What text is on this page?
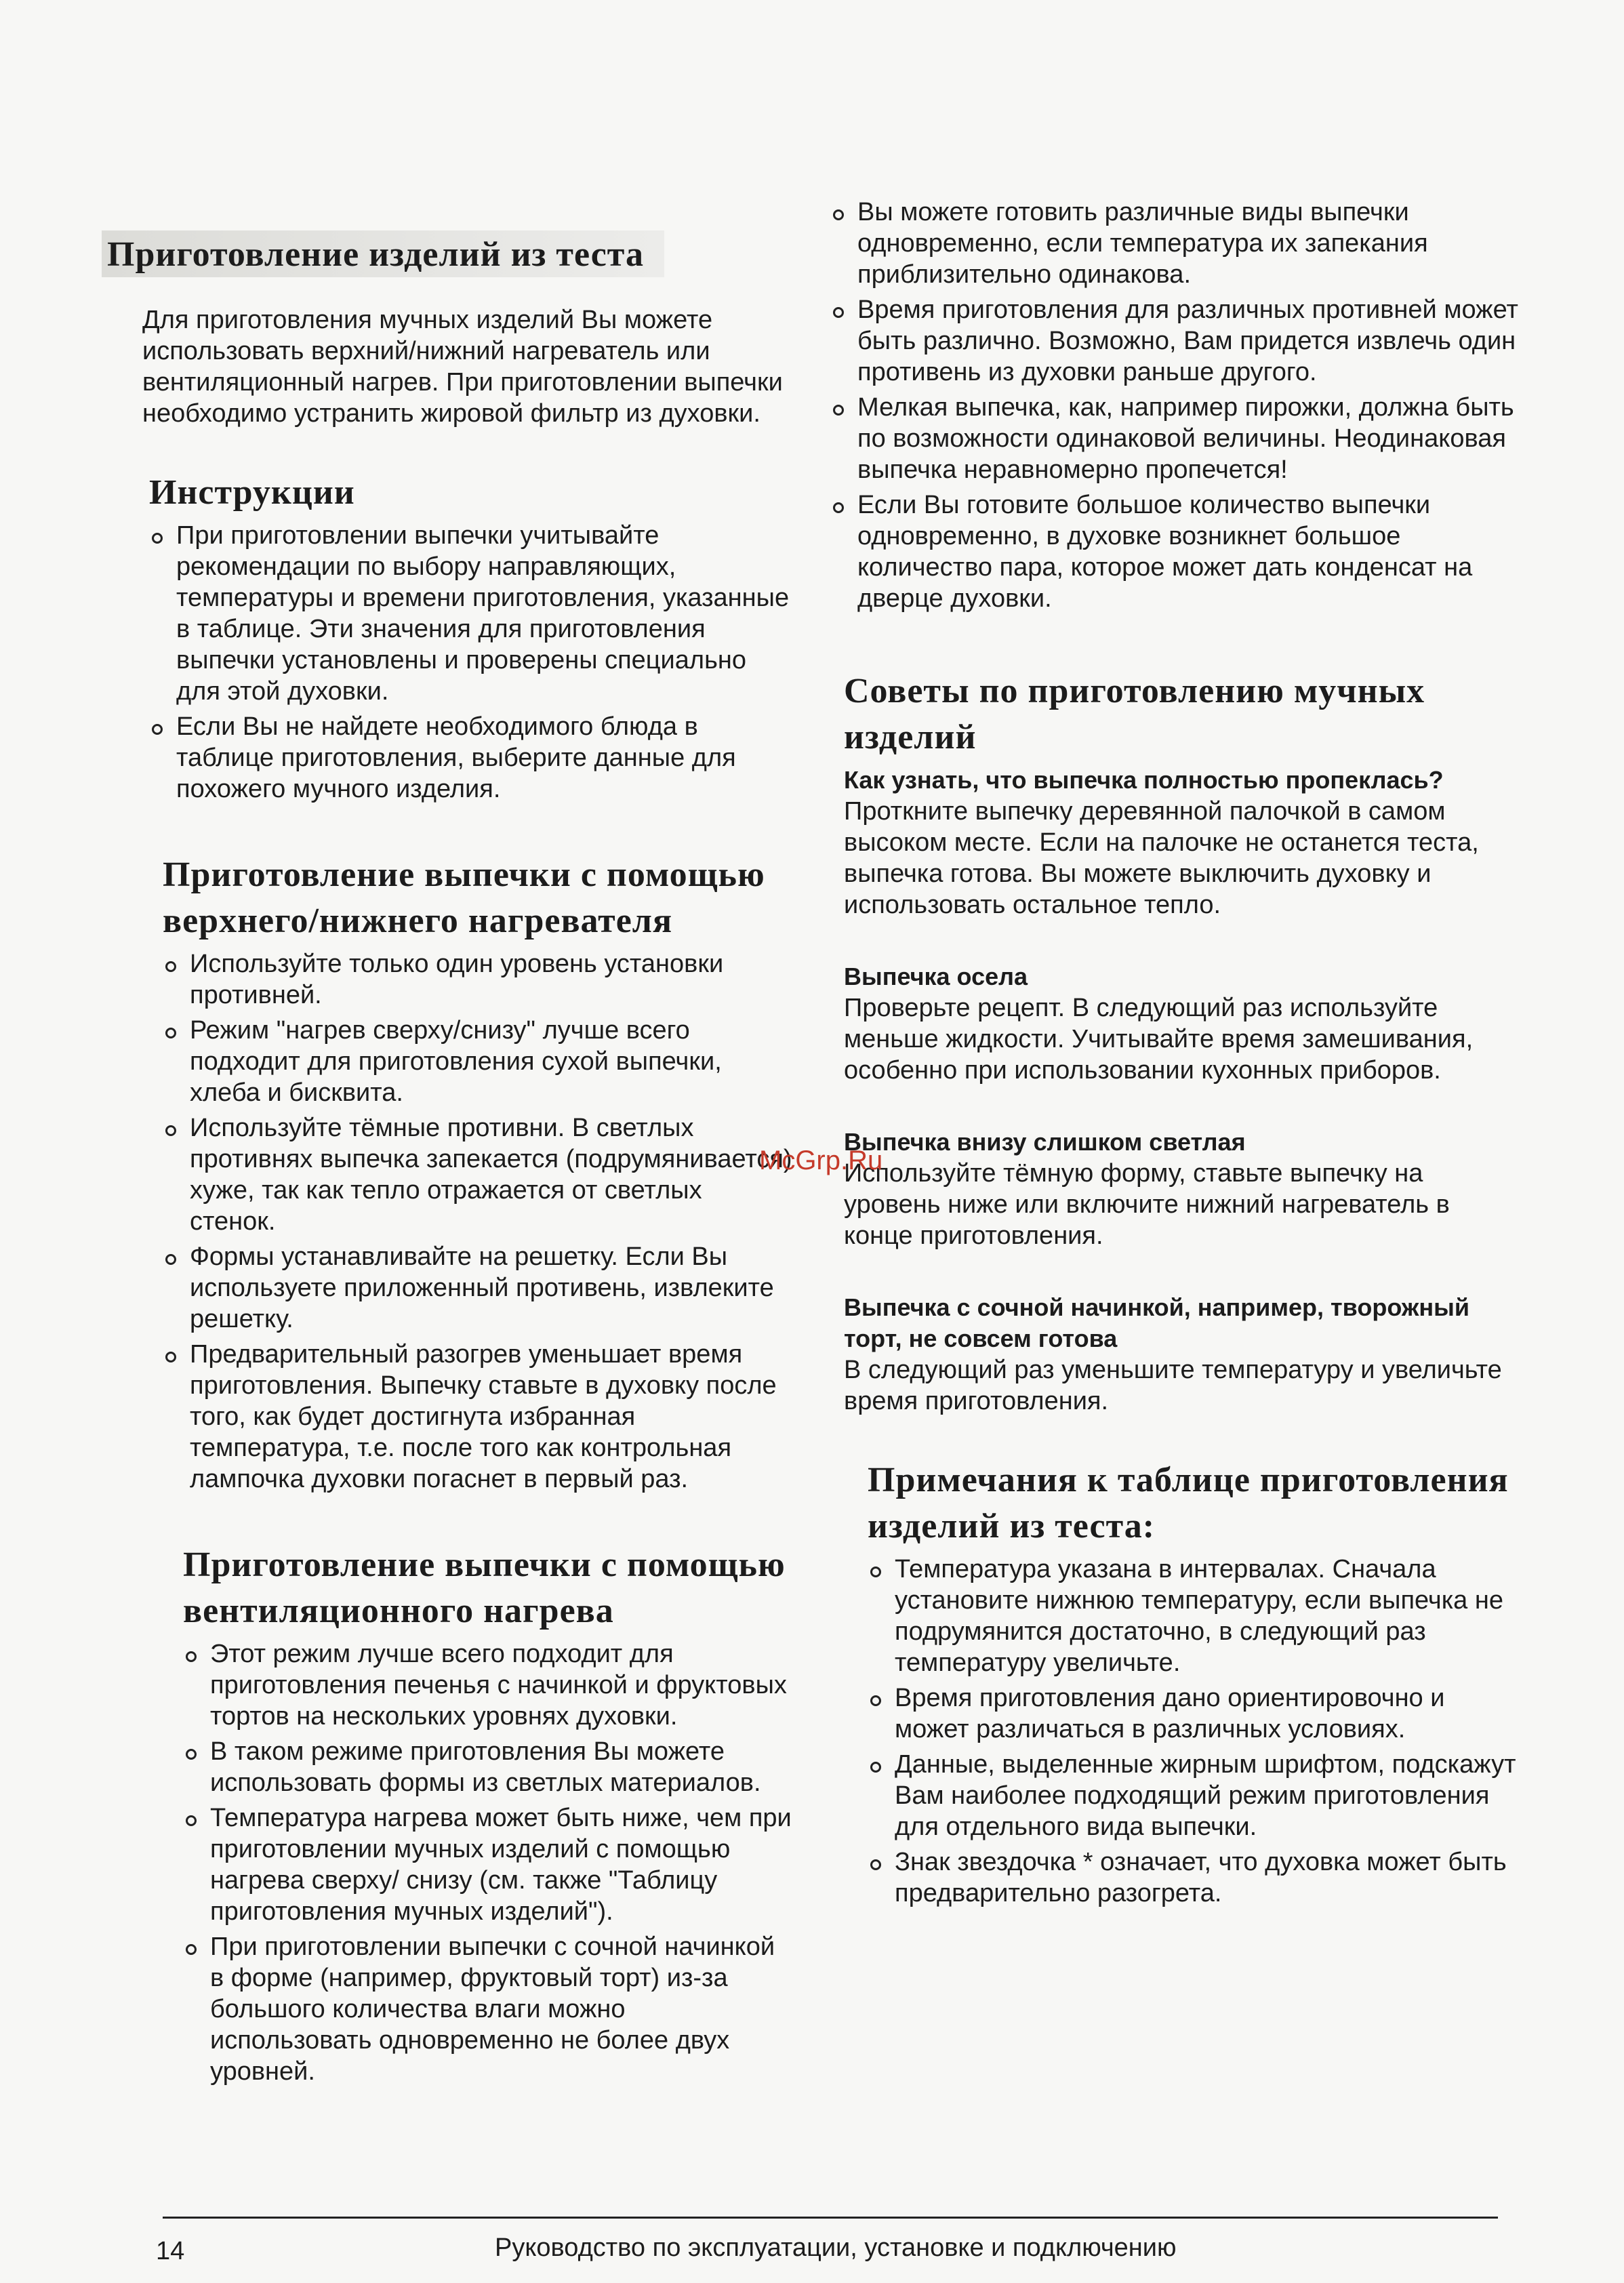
Приготовление изделий из теста

Для приготовления мучных изделий Вы можете использовать верхний/нижний нагреватель или вентиляционный нагрев. При приготовлении выпечки необходимо устранить жировой фильтр из духовки.

Инструкции
При приготовлении выпечки учитывайте рекомендации по выбору направляющих, температуры и времени приготовления, указанные в таблице. Эти значения для приготовления выпечки установлены и проверены специально для этой духовки.
Если Вы не найдете необходимого блюда в таблице приготовления, выберите данные для похожего мучного изделия.
Приготовление выпечки с помощью верхнего/нижнего нагревателя
Используйте только один уровень установки противней.
Режим "нагрев сверху/снизу" лучше всего подходит для приготовления сухой выпечки, хлеба и бисквита.
Используйте тёмные противни. В светлых противнях выпечка запекается (подрумянивается) хуже, так как тепло отражается от светлых стенок.
Формы устанавливайте на решетку. Если Вы используете приложенный противень, извлеките решетку.
Предварительный разогрев уменьшает время приготовления. Выпечку ставьте в духовку после того, как будет достигнута избранная температура, т.е. после того как контрольная лампочка духовки погаснет в первый раз.
Приготовление выпечки с помощью вентиляционного нагрева
Этот режим лучше всего подходит для приготовления печенья с начинкой и фруктовых тортов на нескольких уровнях духовки.
В таком режиме приготовления Вы можете использовать формы из светлых материалов.
Температура нагрева может быть ниже, чем при приготовлении мучных изделий с помощью нагрева сверху/ снизу (см. также "Таблицу приготовления мучных изделий").
При приготовлении выпечки с сочной начинкой в форме (например, фруктовый торт) из-за большого количества влаги можно использовать одновременно не более двух уровней.
Вы можете готовить различные виды выпечки одновременно, если температура их запекания приблизительно одинакова.
Время приготовления для различных противней может быть различно. Возможно, Вам придется извлечь один противень из духовки раньше другого.
Мелкая выпечка, как, например пирожки, должна быть по возможности одинаковой величины. Неодинаковая выпечка неравномерно пропечется!
Если Вы готовите большое количество выпечки одновременно, в духовке возникнет большое количество пара, которое может дать конденсат на дверце духовки.
Советы по приготовлению мучных изделий

Как узнать, что выпечка полностью пропеклась?

Проткните выпечку деревянной палочкой в самом высоком месте. Если на палочке не останется теста, выпечка готова. Вы можете выключить духовку и использовать остальное тепло.

Выпечка осела

Проверьте рецепт. В следующий раз используйте меньше жидкости. Учитывайте время замешивания, особенно при использовании кухонных приборов.

Выпечка внизу слишком светлая

Используйте тёмную форму, ставьте выпечку на уровень ниже или включите нижний нагреватель в конце приготовления.

Выпечка с сочной начинкой, например, творожный торт, не совсем готова

В следующий раз уменьшите температуру и увеличьте время приготовления.

Примечания к таблице приготовления изделий из теста:
Температура указана в интервалах. Сначала установите нижнюю температуру, если выпечка не подрумянится достаточно, в следующий раз температуру увеличьте.
Время приготовления дано ориентировочно и может различаться в различных условиях.
Данные, выделенные жирным шрифтом, подскажут Вам наиболее подходящий режим приготовления для отдельного вида выпечки.
Знак звездочка * означает, что духовка может быть предварительно разогрета.
McGrp.Ru
14	Руководство по эксплуатации, установке и подключению
